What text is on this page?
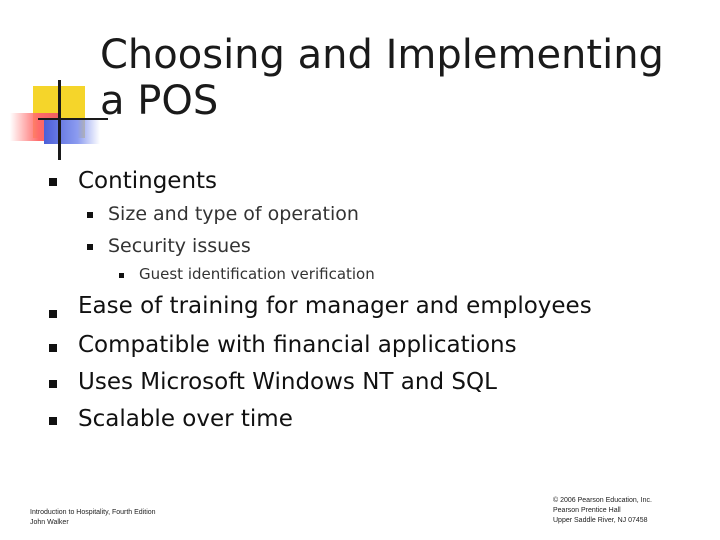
Choosing and Implementing
a POS
Contingents
Size and type of operation
Security issues
Guest identification verification
Ease of training for manager and employees
Compatible with financial applications
Uses Microsoft Windows NT and SQL
Scalable over time
Introduction to Hospitality, Fourth Edition
John Walker
© 2006 Pearson Education, Inc.
Pearson Prentice Hall
Upper Saddle River, NJ 07458
